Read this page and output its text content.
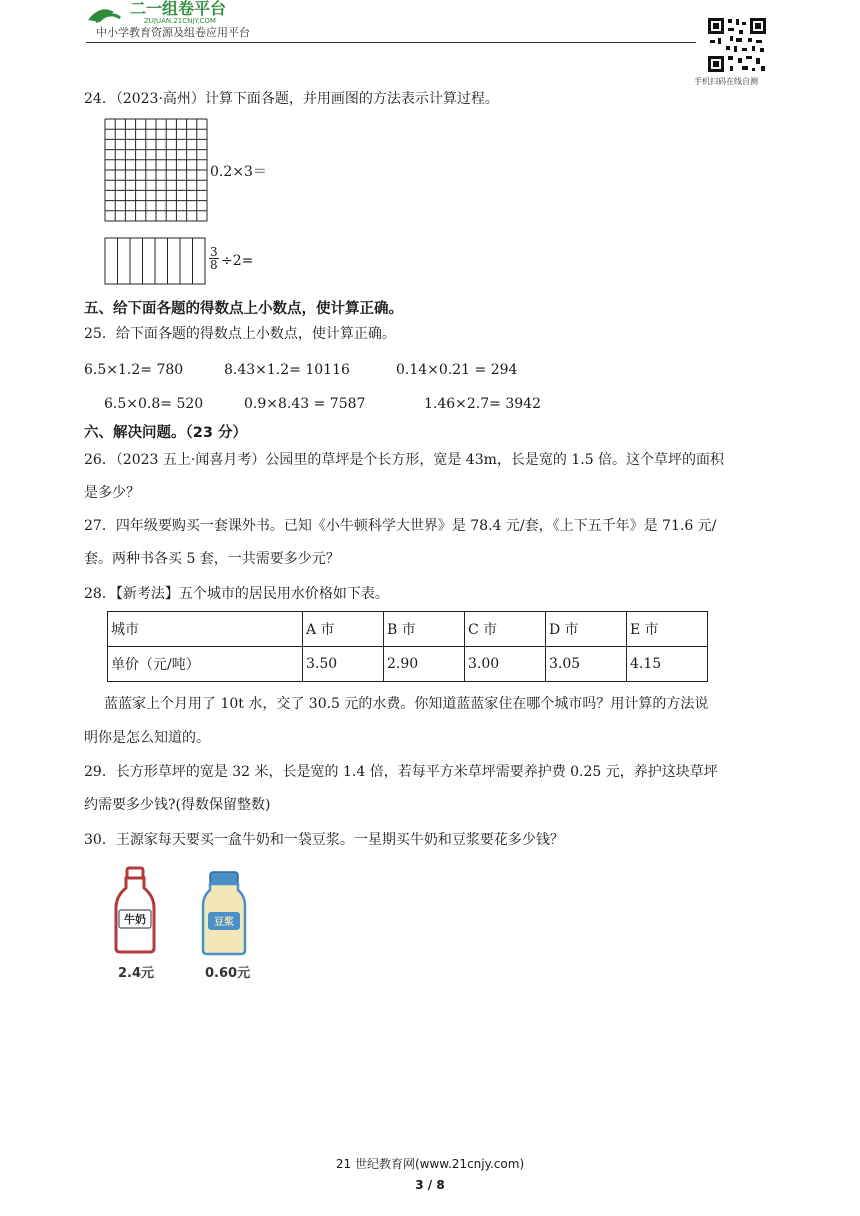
二一组卷平台
ZUJUAN.21CNJY.COM
中小学教育资源及组卷应用平台
手机扫码在线自测
24．（2023·高州）计算下面各题，并用画图的方法表示计算过程。
0.2×3＝
$\frac{3}{8} \div 2=$
五、给下面各题的得数点上小数点，使计算正确。
25．给下面各题的得数点上小数点，使计算正确。
6.5×1.2= 780	8.43×1.2= 10116	0.14×0.21 = 294
6.5×0.8= 520	0.9×8.43 = 7587	1.46×2.7= 3942
六、解决问题。（23 分）
26．（2023 五上·闻喜月考）公园里的草坪是个长方形，宽是 43m，长是宽的 1.5 倍。这个草坪的面积
是多少？
27．四年级要购买一套课外书。已知《小牛顿科学大世界》是 78.4 元/套，《上下五千年》是 71.6 元/
套。两种书各买 5 套，一共需要多少元？
28．【新考法】五个城市的居民用水价格如下表。
城市	A 市	B 市	C 市	D 市	E 市
单价（元/吨）	3.50	2.90	3.00	3.05	4.15
蓝蓝家上个月用了 10t 水，交了 30.5 元的水费。你知道蓝蓝家住在哪个城市吗？用计算的方法说
明你是怎么知道的。
29．长方形草坪的宽是 32 米，长是宽的 1.4 倍，若每平方米草坪需要养护费 0.25 元，养护这块草坪
约需要多少钱?(得数保留整数)
30．王源家每天要买一盒牛奶和一袋豆浆。一星期买牛奶和豆浆要花多少钱？
牛奶
2.4元
豆浆
0.60元
21 世纪教育网(www.21cnjy.com)
3 / 8
